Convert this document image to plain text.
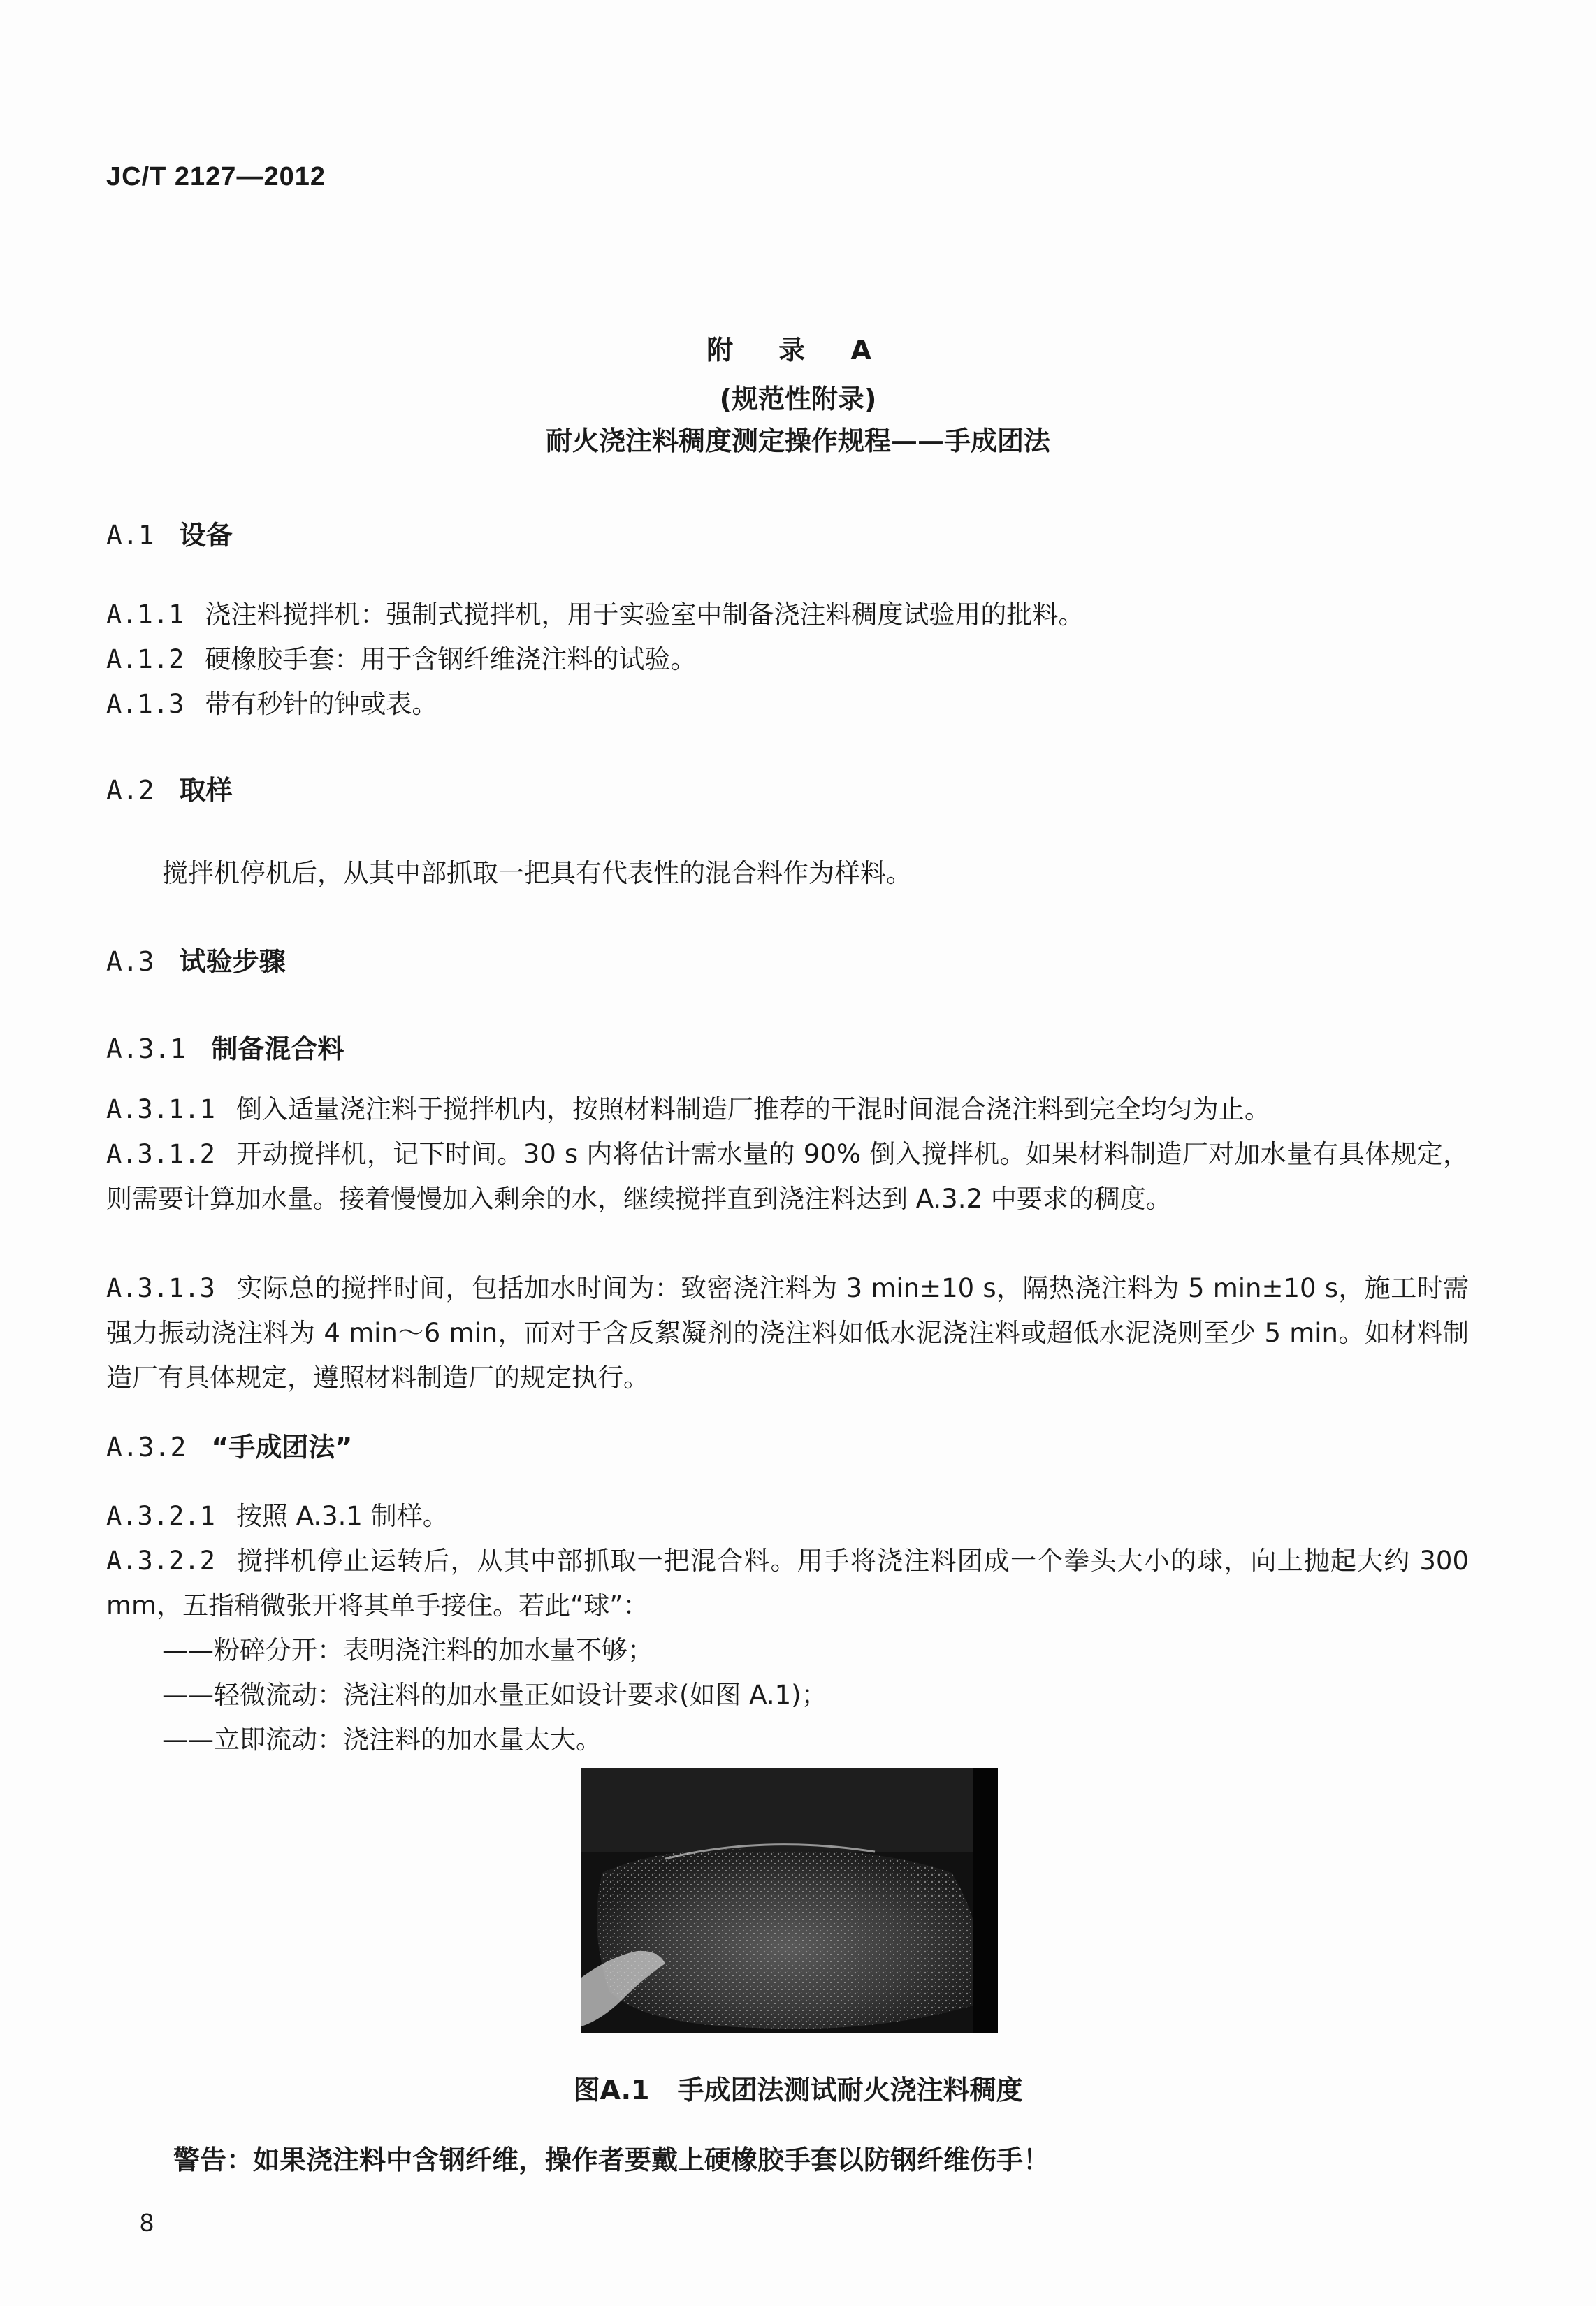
JC/T 2127—2012
附 录 A
(规范性附录)
耐火浇注料稠度测定操作规程——手成团法
A.1 设备
A.1.1 浇注料搅拌机：强制式搅拌机，用于实验室中制备浇注料稠度试验用的批料。
A.1.2 硬橡胶手套：用于含钢纤维浇注料的试验。
A.1.3 带有秒针的钟或表。
A.2 取样
搅拌机停机后，从其中部抓取一把具有代表性的混合料作为样料。
A.3 试验步骤
A.3.1 制备混合料
A.3.1.1 倒入适量浇注料于搅拌机内，按照材料制造厂推荐的干混时间混合浇注料到完全均匀为止。
A.3.1.2 开动搅拌机，记下时间。30 s 内将估计需水量的 90% 倒入搅拌机。如果材料制造厂对加水量有具体规定，则需要计算加水量。接着慢慢加入剩余的水，继续搅拌直到浇注料达到 A.3.2 中要求的稠度。
A.3.1.3 实际总的搅拌时间，包括加水时间为：致密浇注料为 3 min±10 s，隔热浇注料为 5 min±10 s，施工时需强力振动浇注料为 4 min～6 min，而对于含反絮凝剂的浇注料如低水泥浇注料或超低水泥浇则至少 5 min。如材料制造厂有具体规定，遵照材料制造厂的规定执行。
A.3.2 “手成团法”
A.3.2.1 按照 A.3.1 制样。
A.3.2.2 搅拌机停止运转后，从其中部抓取一把混合料。用手将浇注料团成一个拳头大小的球，向上抛起大约 300 mm，五指稍微张开将其单手接住。若此“球”：
——粉碎分开：表明浇注料的加水量不够；
——轻微流动：浇注料的加水量正如设计要求(如图 A.1)；
——立即流动：浇注料的加水量太大。
图A.1 手成团法测试耐火浇注料稠度
警告：如果浇注料中含钢纤维，操作者要戴上硬橡胶手套以防钢纤维伤手！
8
